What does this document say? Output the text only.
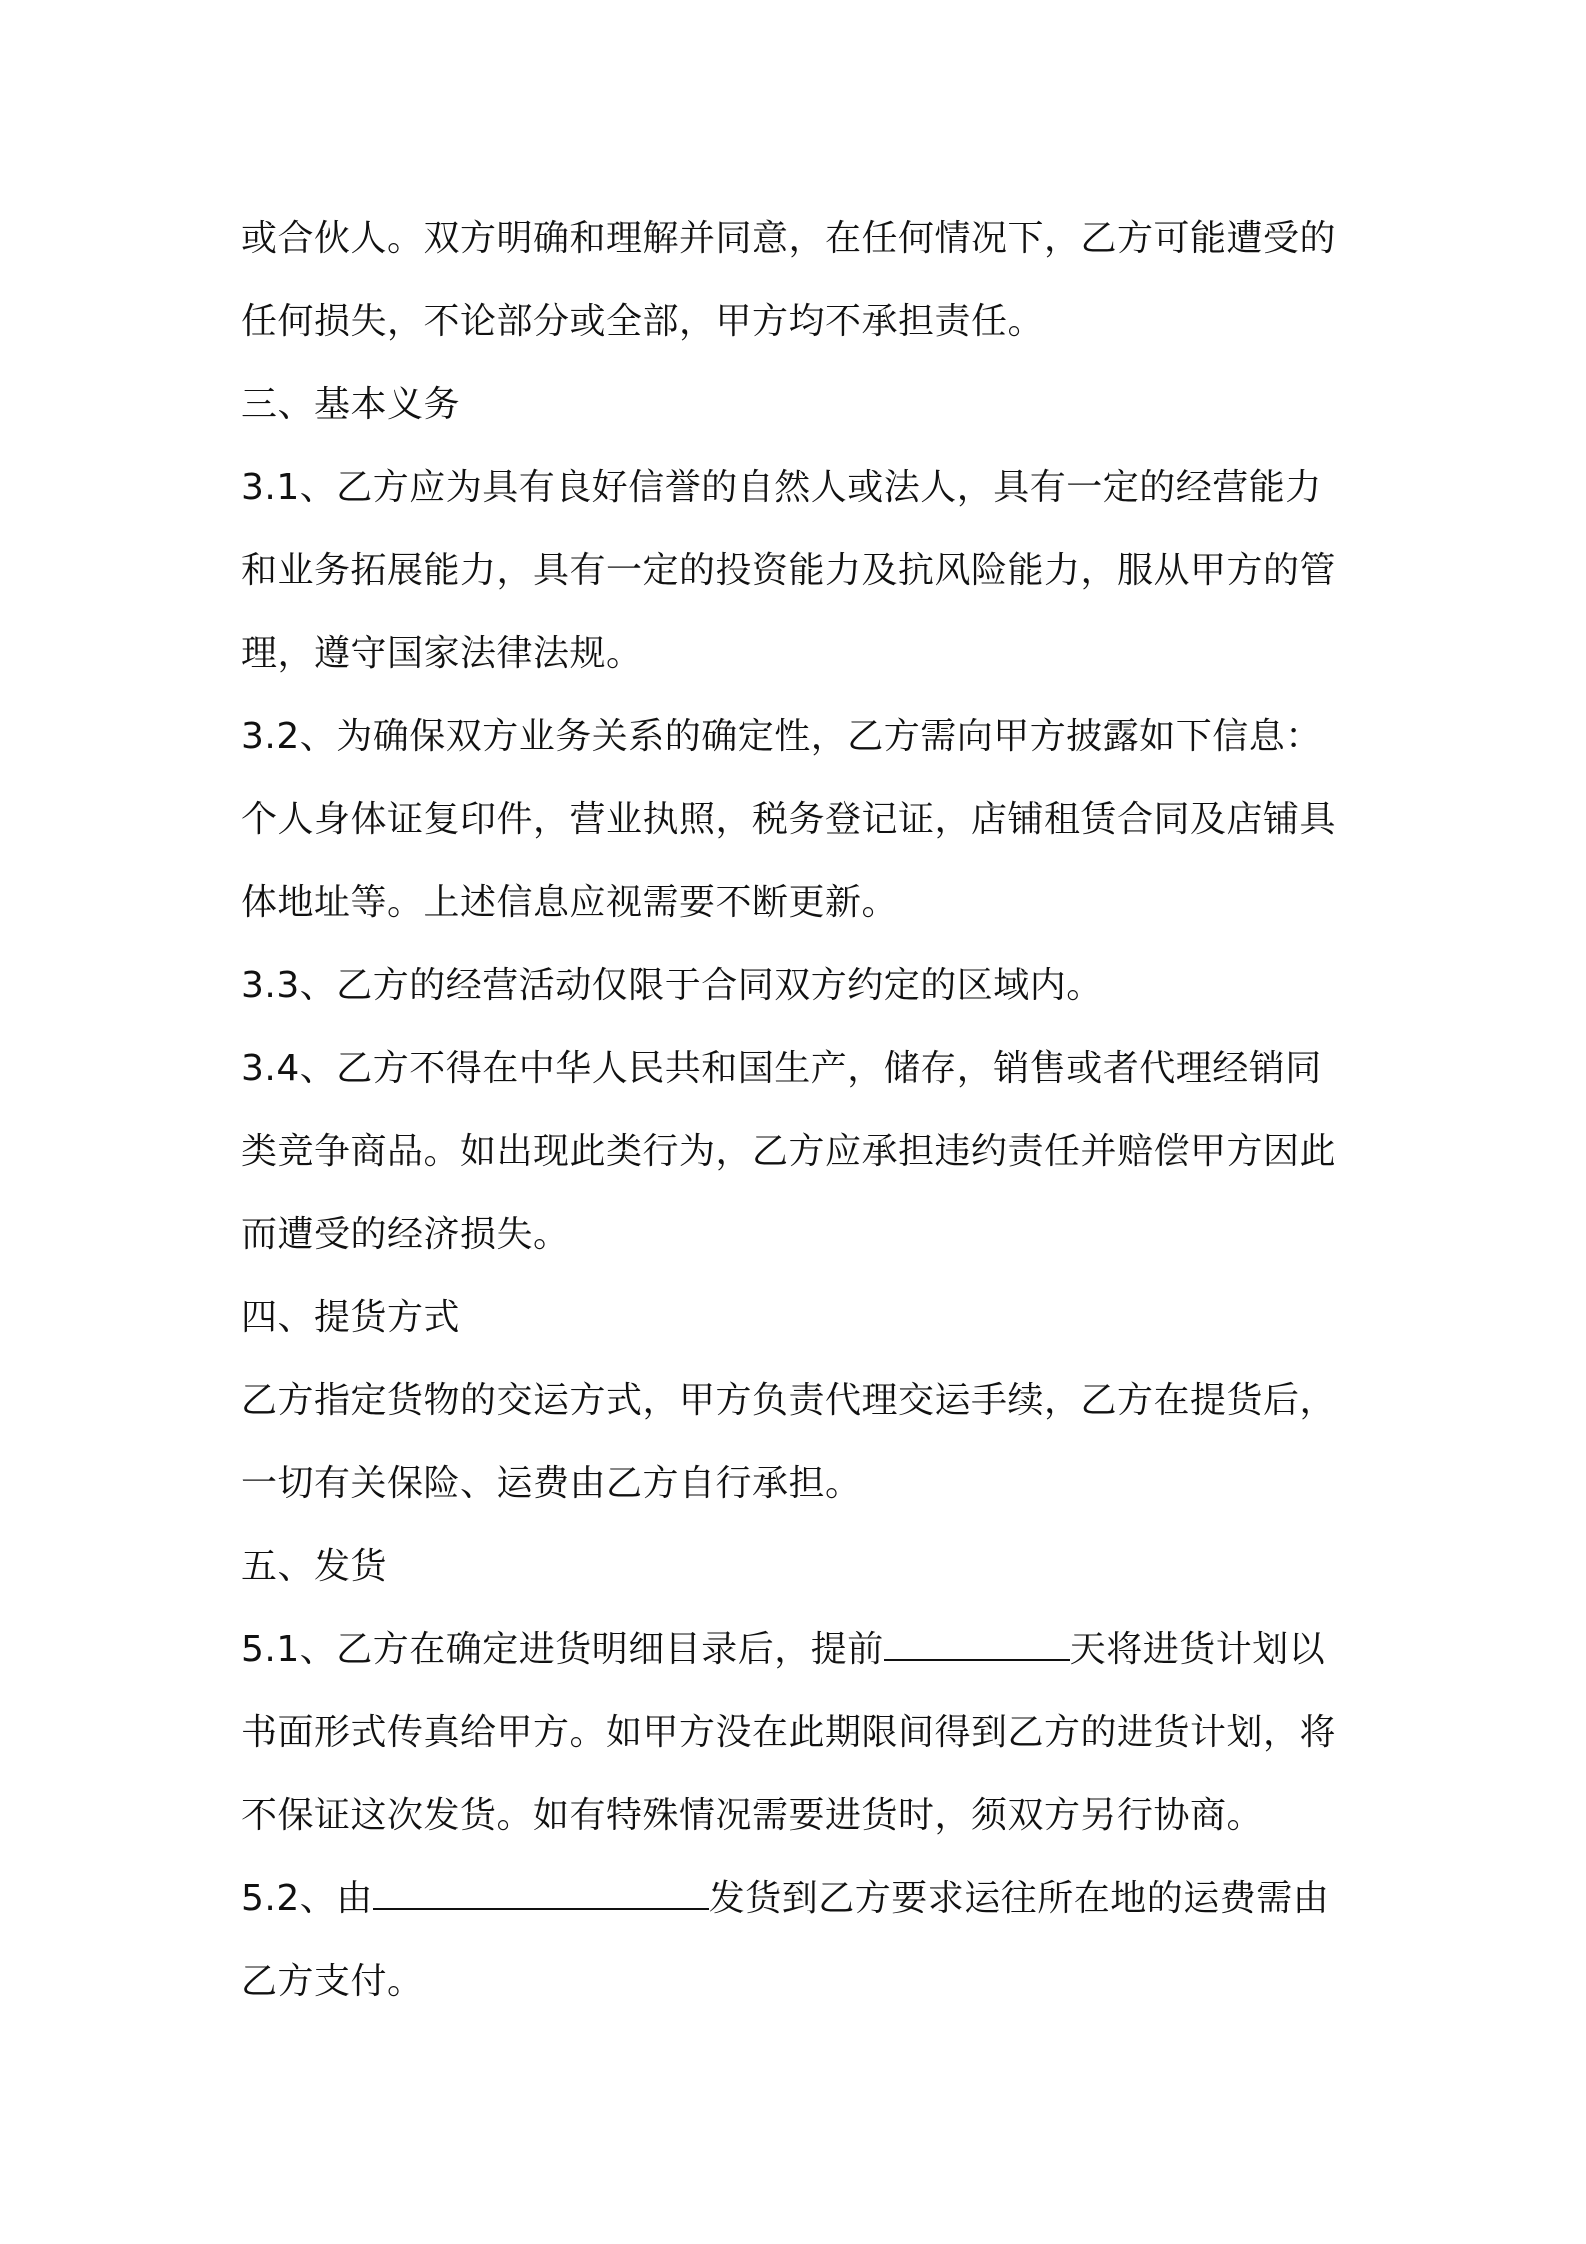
或合伙人。双方明确和理解并同意，在任何情况下，乙方可能遭受的

任何损失，不论部分或全部，甲方均不承担责任。

三、基本义务

3.1、乙方应为具有良好信誉的自然人或法人，具有一定的经营能力

和业务拓展能力，具有一定的投资能力及抗风险能力，服从甲方的管

理，遵守国家法律法规。

3.2、为确保双方业务关系的确定性，乙方需向甲方披露如下信息：

个人身体证复印件，营业执照，税务登记证，店铺租赁合同及店铺具

体地址等。上述信息应视需要不断更新。

3.3、乙方的经营活动仅限于合同双方约定的区域内。

3.4、乙方不得在中华人民共和国生产，储存，销售或者代理经销同

类竞争商品。如出现此类行为，乙方应承担违约责任并赔偿甲方因此

而遭受的经济损失。

四、提货方式

乙方指定货物的交运方式，甲方负责代理交运手续，乙方在提货后，

一切有关保险、运费由乙方自行承担。

五、发货

5.1、乙方在确定进货明细目录后，提前	天将进货计划以

书面形式传真给甲方。如甲方没在此期限间得到乙方的进货计划，将

不保证这次发货。如有特殊情况需要进货时，须双方另行协商。

5.2、由	发货到乙方要求运往所在地的运费需由

乙方支付。
